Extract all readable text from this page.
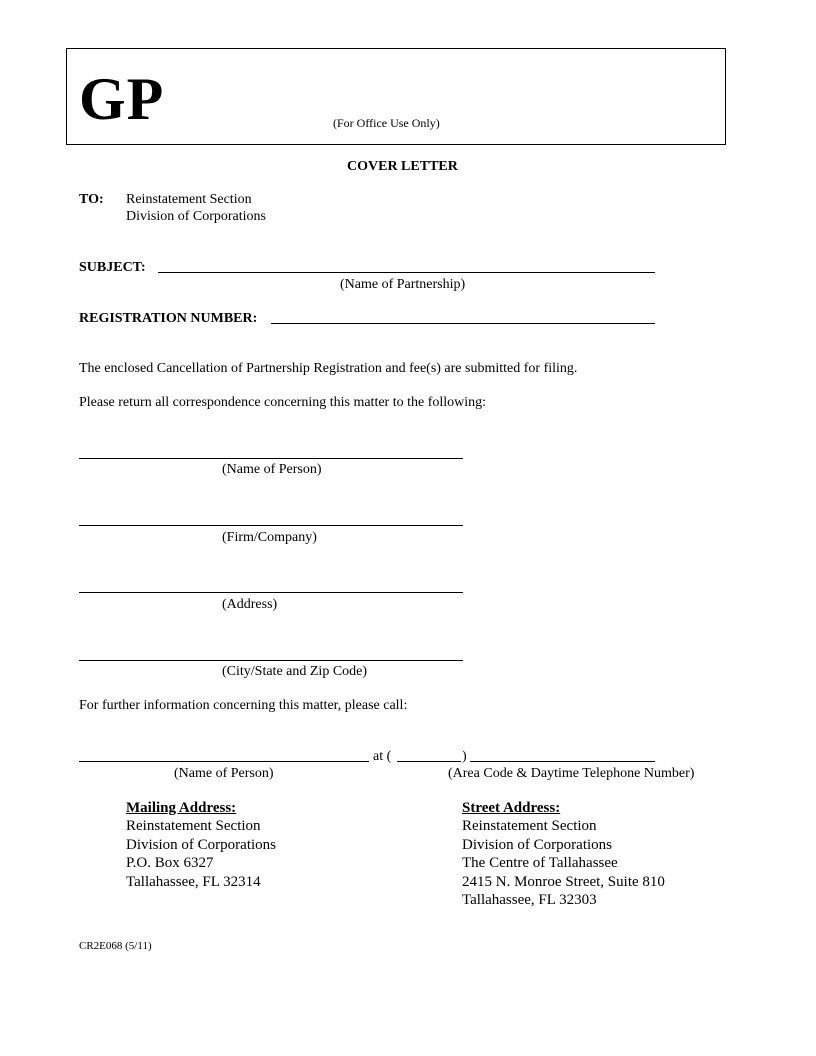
GP	(For Office Use Only)
COVER LETTER
TO: Reinstatement Section
Division of Corporations
SUBJECT:
(Name of Partnership)
REGISTRATION NUMBER:
The enclosed Cancellation of Partnership Registration and fee(s) are submitted for filing.
Please return all correspondence concerning this matter to the following:
(Name of Person)
(Firm/Company)
(Address)
(City/State and Zip Code)
For further information concerning this matter, please call:
at (	)
(Name of Person)	(Area Code & Daytime Telephone Number)
Mailing Address:
Reinstatement Section
Division of Corporations
P.O. Box 6327
Tallahassee, FL 32314
Street Address:
Reinstatement Section
Division of Corporations
The Centre of Tallahassee
2415 N. Monroe Street, Suite 810
Tallahassee, FL 32303
CR2E068 (5/11)
